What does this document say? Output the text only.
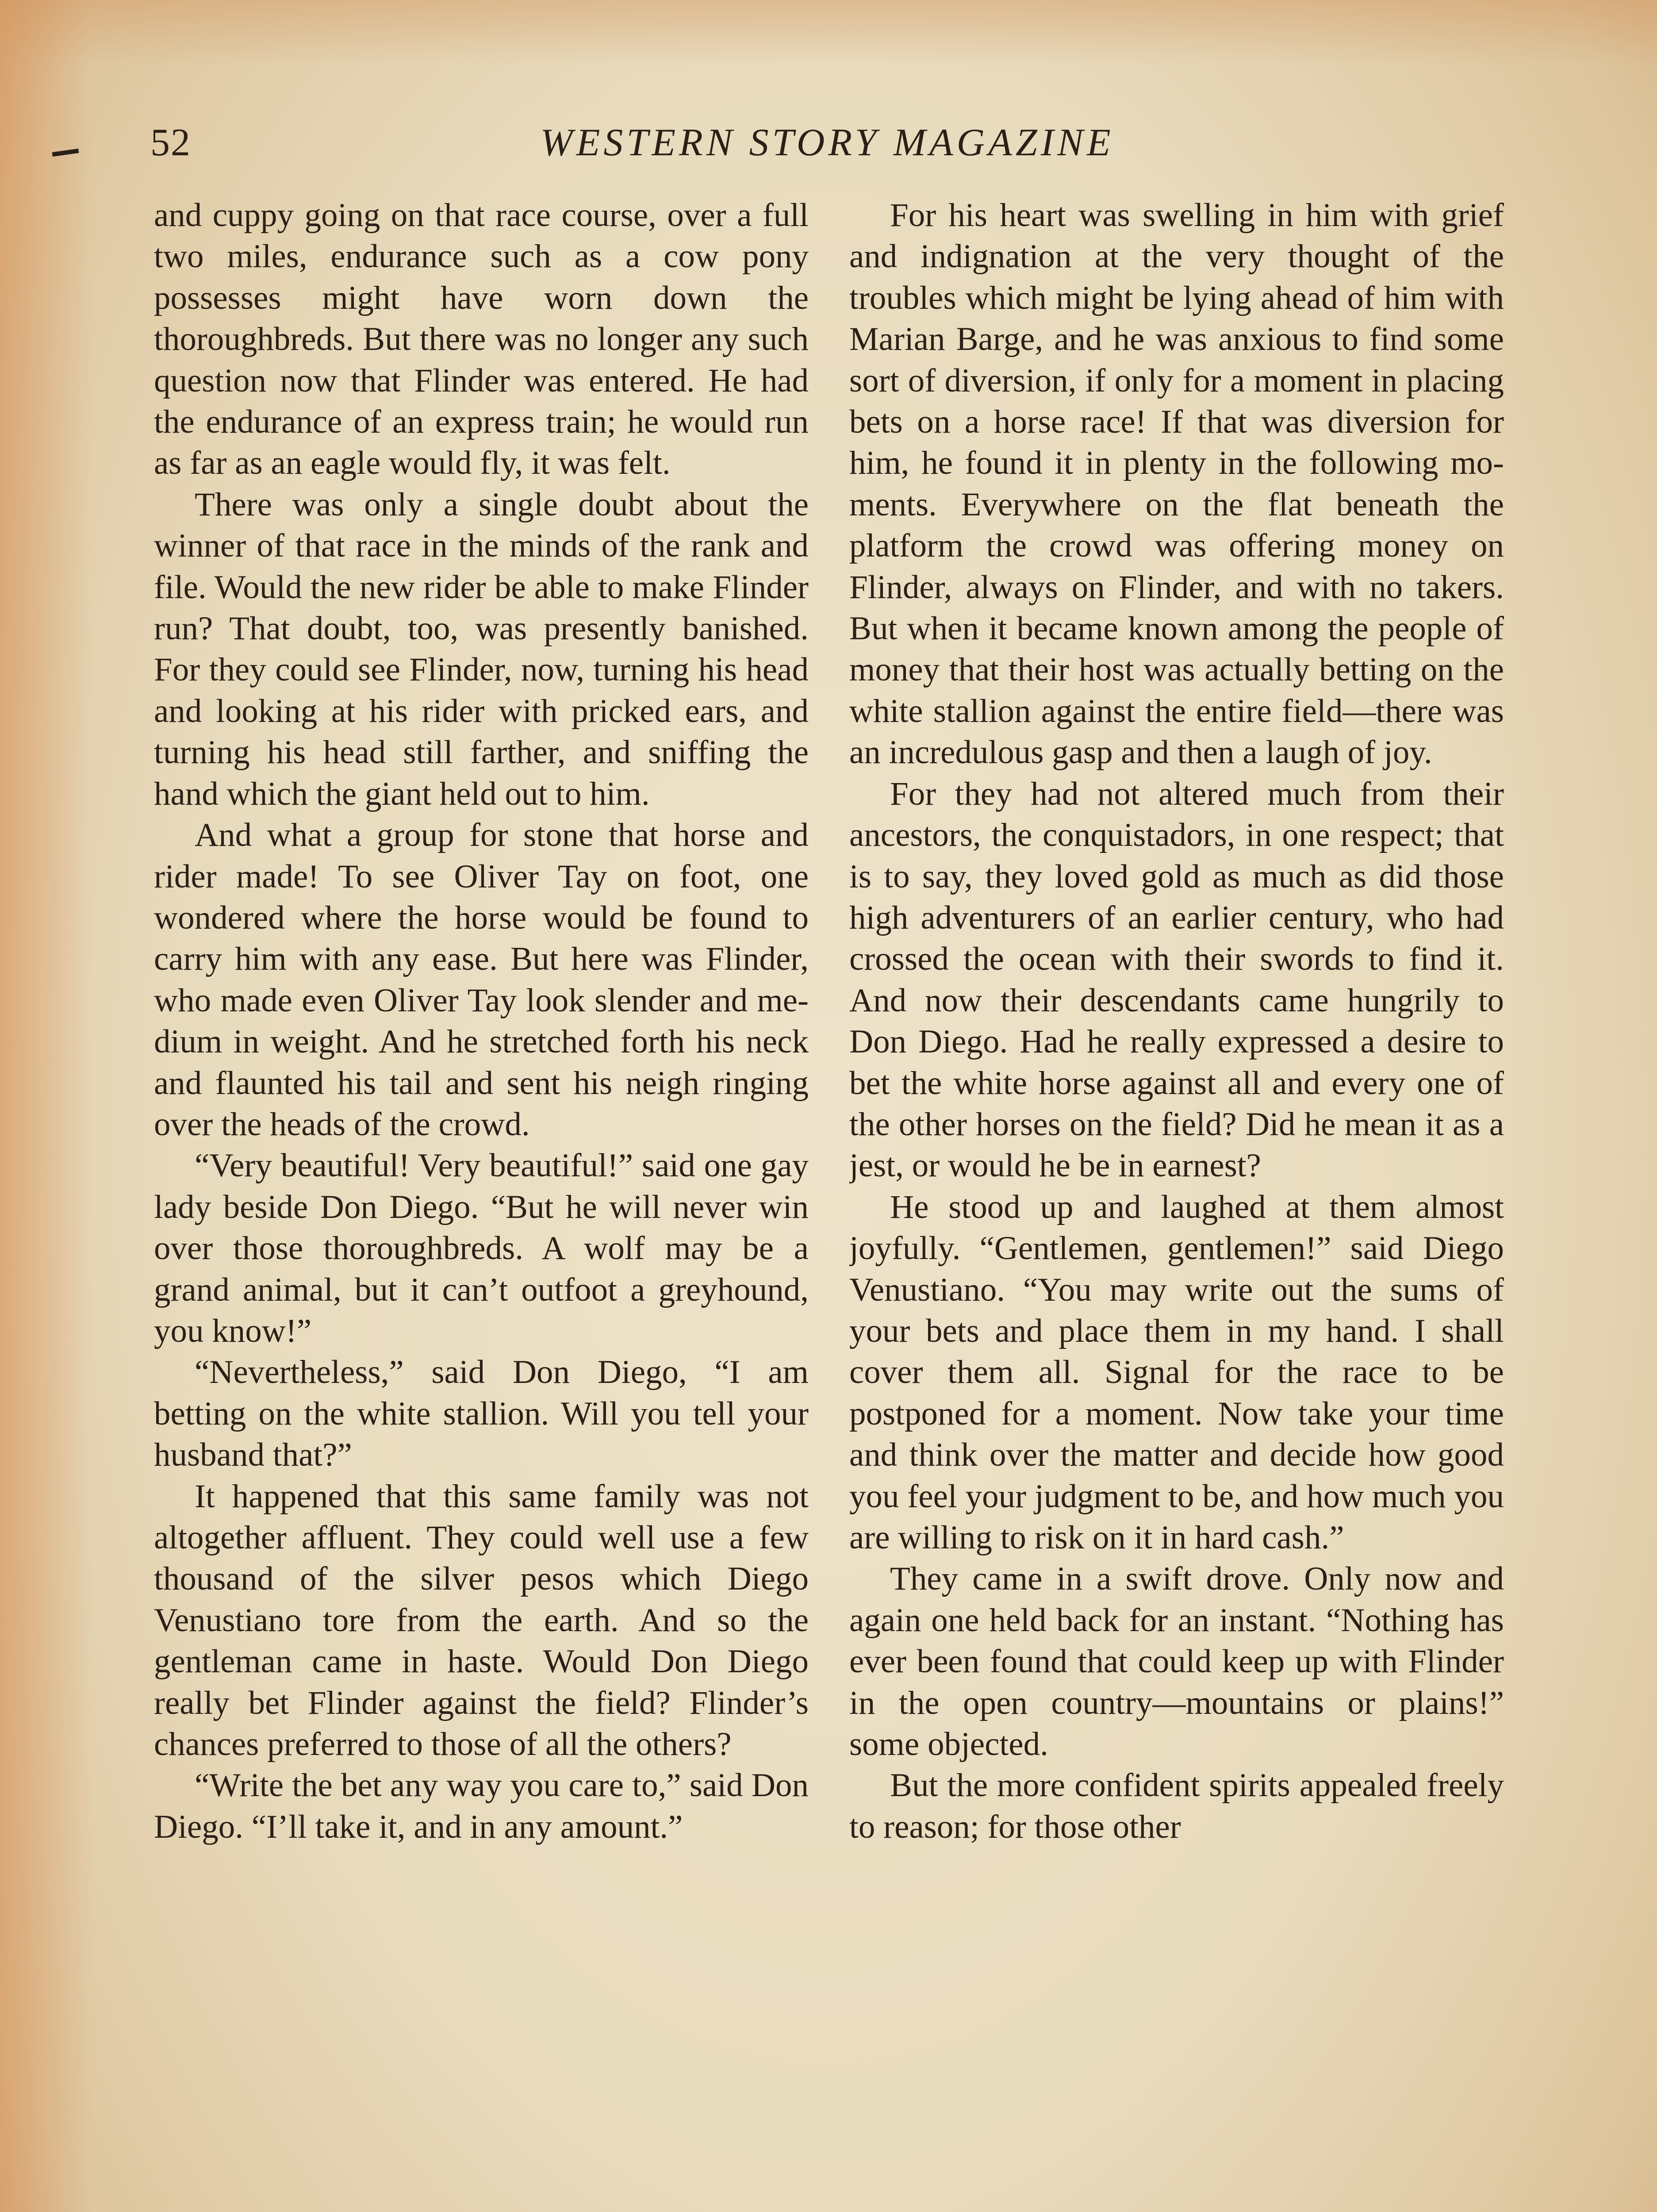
52	WESTERN STORY MAGAZINE

and cuppy going on that race course, over a full two miles, endurance such as a cow pony possesses might have worn down the thoroughbreds. But there was no longer any such question now that Flinder was entered. He had the endurance of an express train; he would run as far as an eagle would fly, it was felt.

There was only a single doubt about the winner of that race in the minds of the rank and file. Would the new rider be able to make Flinder run? That doubt, too, was presently banished. For they could see Flinder, now, turning his head and looking at his rider with pricked ears, and turning his head still farther, and sniffing the hand which the giant held out to him.

And what a group for stone that horse and rider made! To see Oliver Tay on foot, one wondered where the horse would be found to carry him with any ease. But here was Flinder, who made even Oliver Tay look slender and medium in weight. And he stretched forth his neck and flaunted his tail and sent his neigh ringing over the heads of the crowd.

“Very beautiful! Very beautiful!” said one gay lady beside Don Diego. “But he will never win over those thoroughbreds. A wolf may be a grand animal, but it can’t outfoot a greyhound, you know!”

“Nevertheless,” said Don Diego, “I am betting on the white stallion. Will you tell your husband that?”

It happened that this same family was not altogether affluent. They could well use a few thousand of the silver pesos which Diego Venustiano tore from the earth. And so the gentleman came in haste. Would Don Diego really bet Flinder against the field? Flinder’s chances preferred to those of all the others?

“Write the bet any way you care to,” said Don Diego. “I’ll take it, and in any amount.”

For his heart was swelling in him with grief and indignation at the very thought of the troubles which might be lying ahead of him with Marian Barge, and he was anxious to find some sort of diversion, if only for a moment in placing bets on a horse race! If that was diversion for him, he found it in plenty in the following moments. Everywhere on the flat beneath the platform the crowd was offering money on Flinder, always on Flinder, and with no takers. But when it became known among the people of money that their host was actually betting on the white stallion against the entire field—there was an incredulous gasp and then a laugh of joy.

For they had not altered much from their ancestors, the conquistadors, in one respect; that is to say, they loved gold as much as did those high adventurers of an earlier century, who had crossed the ocean with their swords to find it. And now their descendants came hungrily to Don Diego. Had he really expressed a desire to bet the white horse against all and every one of the other horses on the field? Did he mean it as a jest, or would he be in earnest?

He stood up and laughed at them almost joyfully. “Gentlemen, gentlemen!” said Diego Venustiano. “You may write out the sums of your bets and place them in my hand. I shall cover them all. Signal for the race to be postponed for a moment. Now take your time and think over the matter and decide how good you feel your judgment to be, and how much you are willing to risk on it in hard cash.”

They came in a swift drove. Only now and again one held back for an instant. “Nothing has ever been found that could keep up with Flinder in the open country—mountains or plains!” some objected.

But the more confident spirits appealed freely to reason; for those other
